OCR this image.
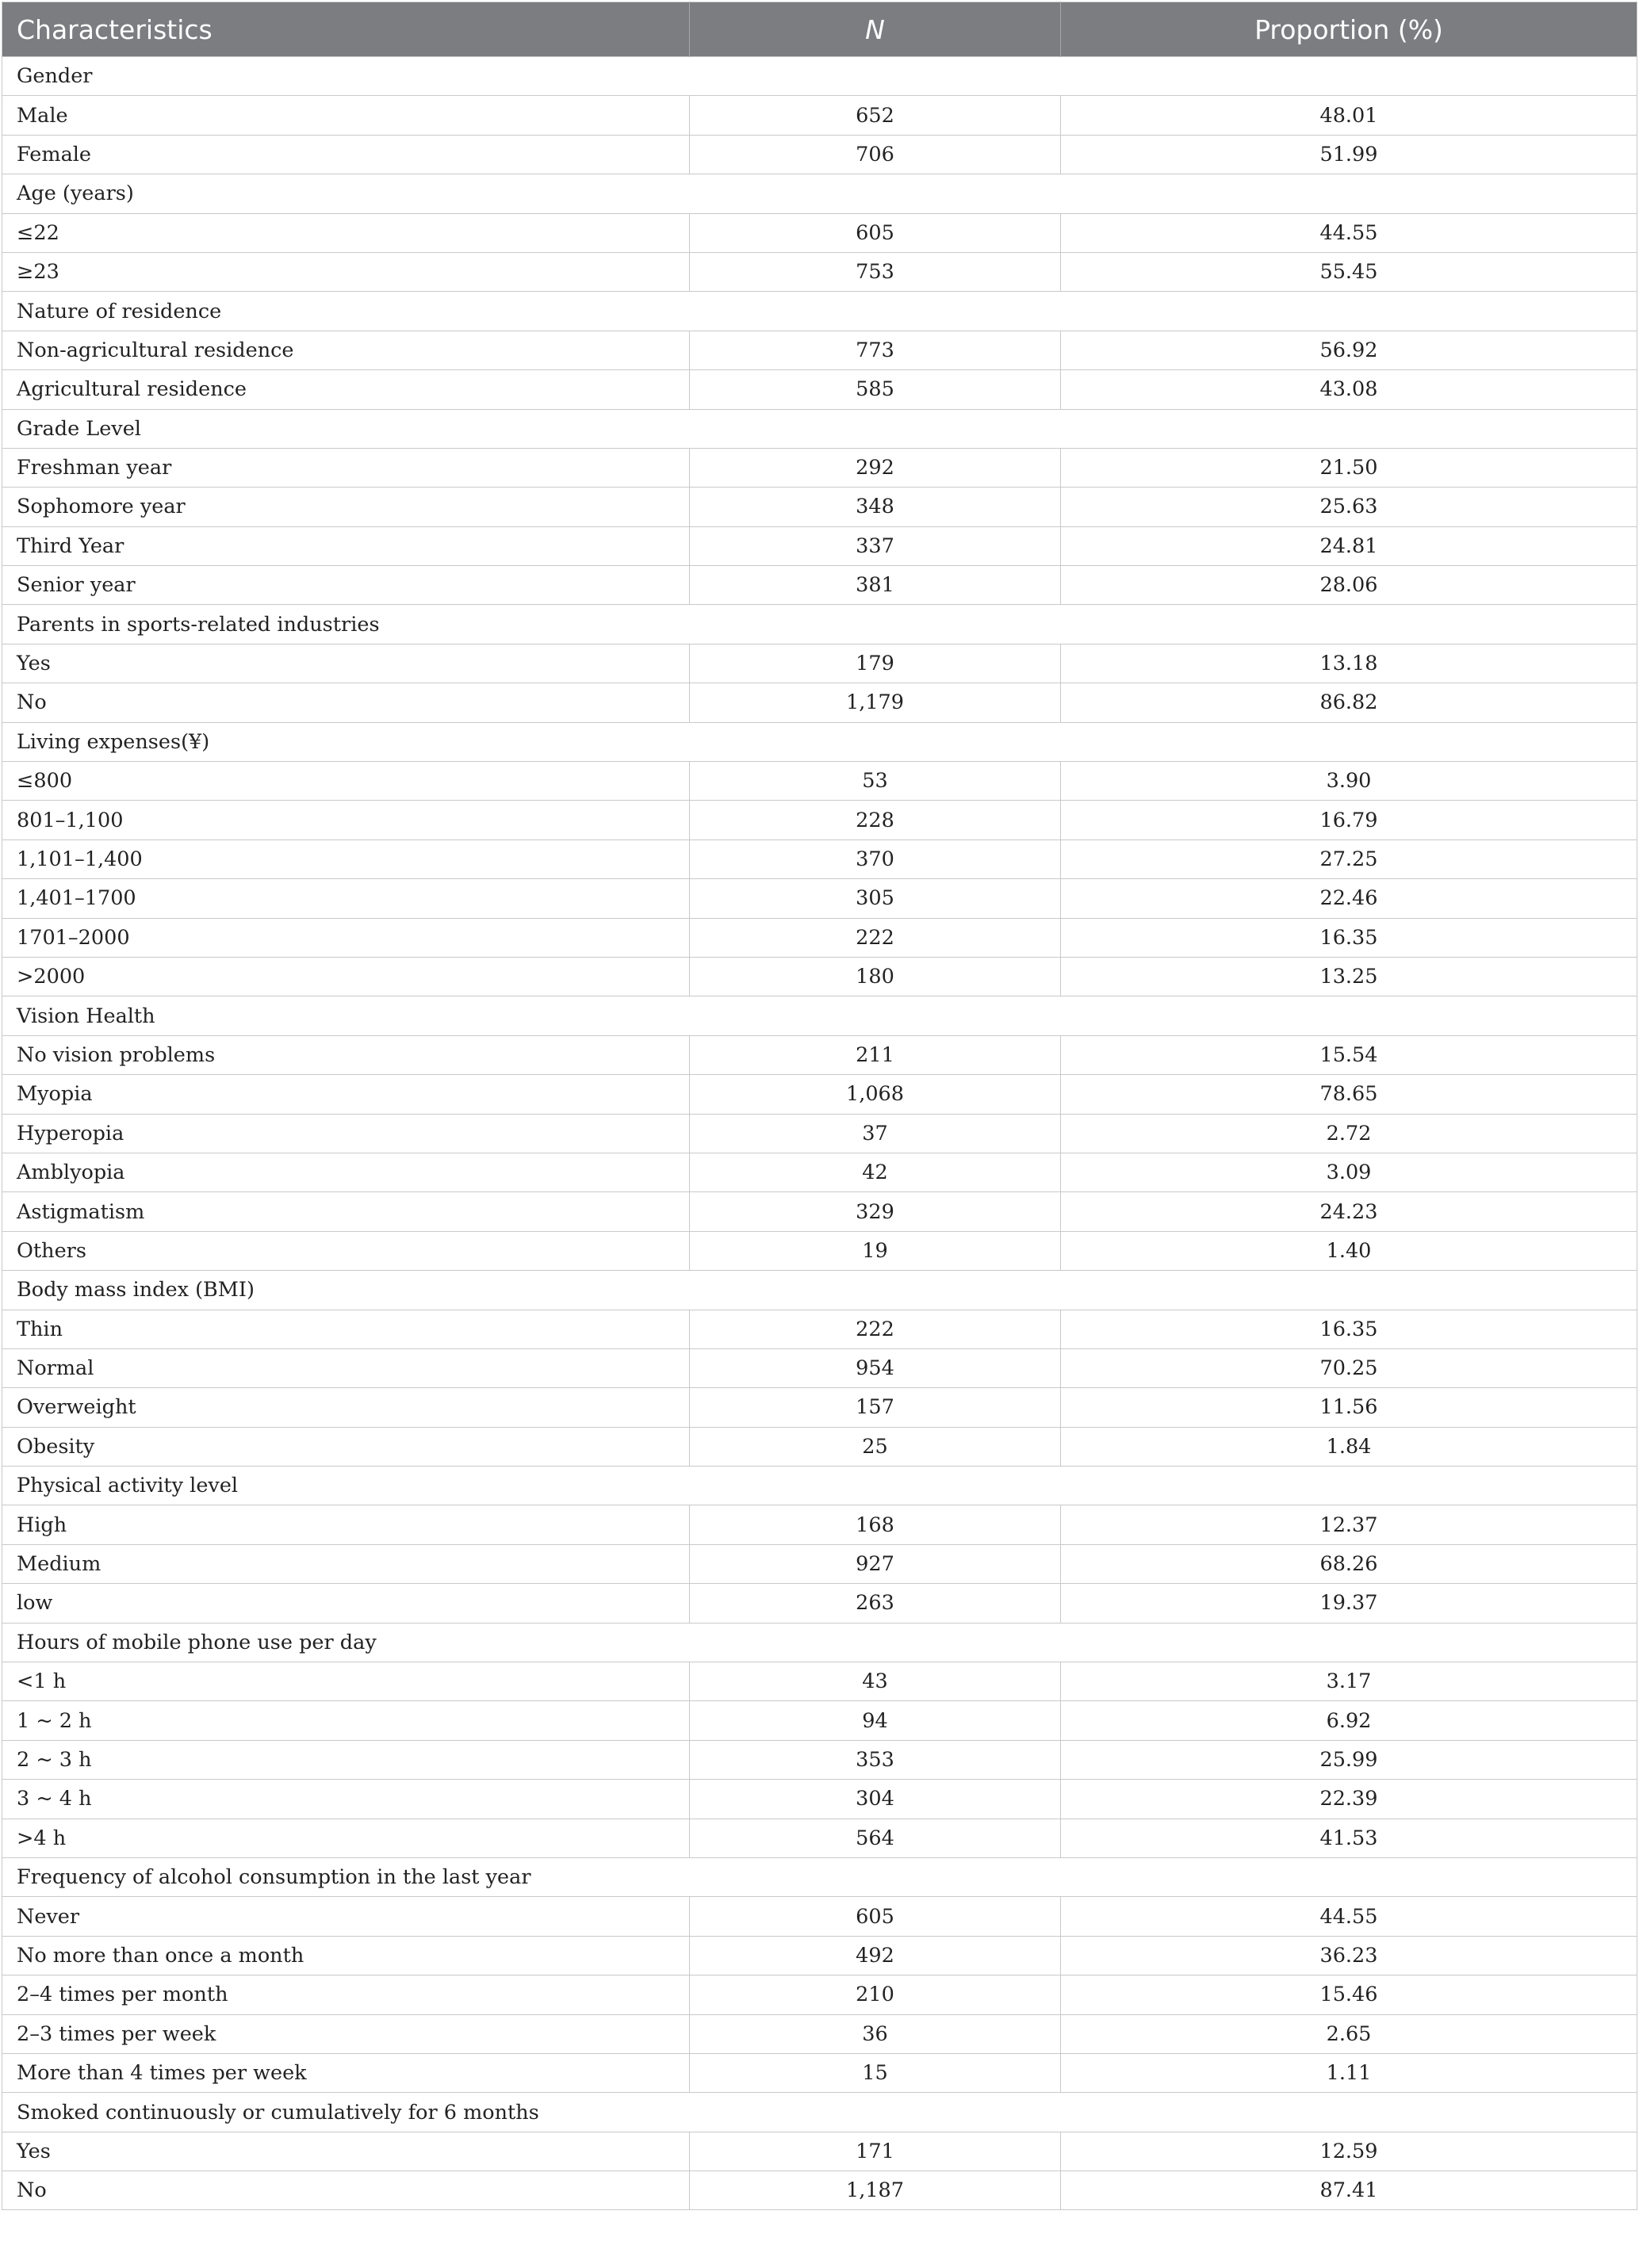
Characteristics	N	Proportion (%)
Gender		
Male	652	48.01
Female	706	51.99
Age (years)		
≤22	605	44.55
≥23	753	55.45
Nature of residence		
Non-agricultural residence	773	56.92
Agricultural residence	585	43.08
Grade Level		
Freshman year	292	21.50
Sophomore year	348	25.63
Third Year	337	24.81
Senior year	381	28.06
Parents in sports-related industries		
Yes	179	13.18
No	1,179	86.82
Living expenses(¥)		
≤800	53	3.90
801–1,100	228	16.79
1,101–1,400	370	27.25
1,401–1700	305	22.46
1701–2000	222	16.35
>2000	180	13.25
Vision Health		
No vision problems	211	15.54
Myopia	1,068	78.65
Hyperopia	37	2.72
Amblyopia	42	3.09
Astigmatism	329	24.23
Others	19	1.40
Body mass index (BMI)		
Thin	222	16.35
Normal	954	70.25
Overweight	157	11.56
Obesity	25	1.84
Physical activity level		
High	168	12.37
Medium	927	68.26
low	263	19.37
Hours of mobile phone use per day		
<1 h	43	3.17
1 ~ 2 h	94	6.92
2 ~ 3 h	353	25.99
3 ~ 4 h	304	22.39
>4 h	564	41.53
Frequency of alcohol consumption in the last year		
Never	605	44.55
No more than once a month	492	36.23
2–4 times per month	210	15.46
2–3 times per week	36	2.65
More than 4 times per week	15	1.11
Smoked continuously or cumulatively for 6 months		
Yes	171	12.59
No	1,187	87.41
